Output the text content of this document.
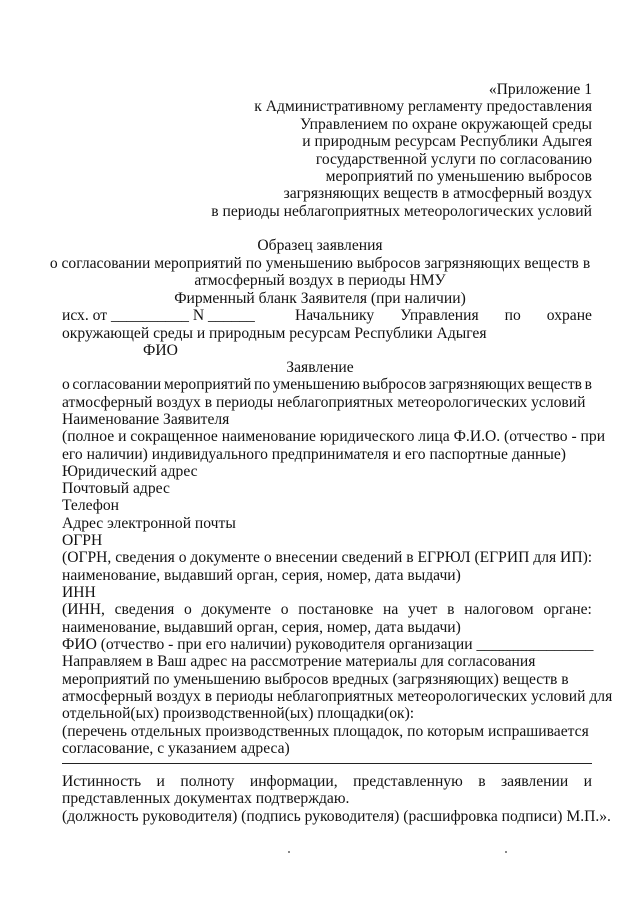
«Приложение 1
к Административному регламенту предоставления
Управлением по охране окружающей среды
и природным ресурсам Республики Адыгея
государственной услуги по согласованию
мероприятий по уменьшению выбросов
загрязняющих веществ в атмосферный воздух
в периоды неблагоприятных метеорологических условий
Образец заявления
о согласовании мероприятий по уменьшению выбросов загрязняющих веществ в
атмосферный воздух в периоды НМУ
Фирменный бланк Заявителя (при наличии)
исх. от __________ N ______	Начальнику Управления по охране
окружающей среды и природным ресурсам Республики Адыгея
ФИО
Заявление
о согласовании мероприятий по уменьшению выбросов загрязняющих веществ в
атмосферный воздух в периоды неблагоприятных метеорологических условий
Наименование Заявителя
(полное и сокращенное наименование юридического лица Ф.И.О. (отчество - при
его наличии) индивидуального предпринимателя и его паспортные данные)
Юридический адрес
Почтовый адрес
Телефон
Адрес электронной почты
ОГРН
(ОГРН, сведения о документе о внесении сведений в ЕГРЮЛ (ЕГРИП для ИП):
наименование, выдавший орган, серия, номер, дата выдачи)
ИНН
(ИНН, сведения о документе о постановке на учет в налоговом органе:
наименование, выдавший орган, серия, номер, дата выдачи)
ФИО (отчество - при его наличии) руководителя организации _______________
Направляем в Ваш адрес на рассмотрение материалы для согласования
мероприятий по уменьшению выбросов вредных (загрязняющих) веществ в
атмосферный воздух в периоды неблагоприятных метеорологических условий для
отдельной(ых) производственной(ых) площадки(ок):
(перечень отдельных производственных площадок, по которым испрашивается
согласование, с указанием адреса)
Истинность и полноту информации, представленную в заявлении и
представленных документах подтверждаю.
(должность руководителя) (подпись руководителя) (расшифровка подписи) М.П.».
